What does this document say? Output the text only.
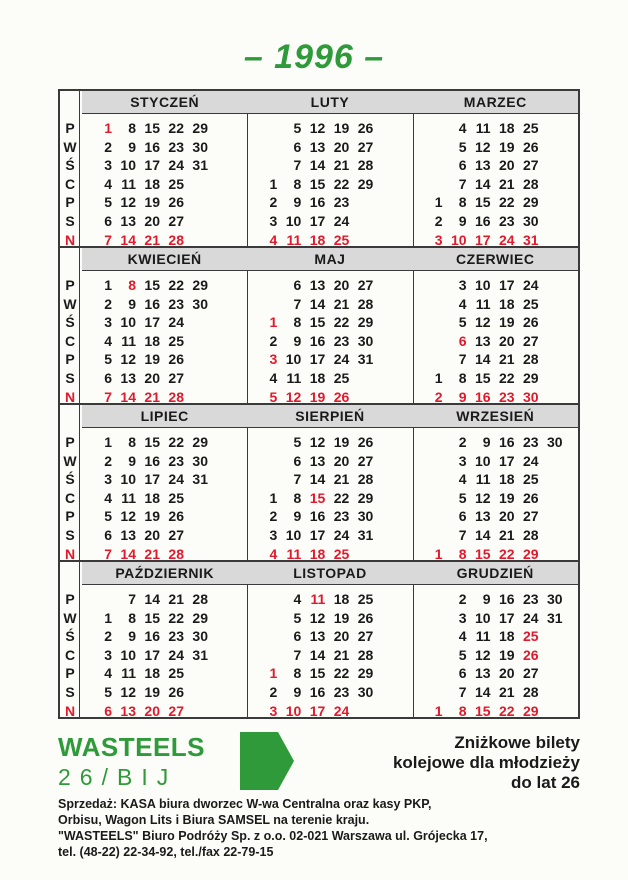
– 1996 –
P
W
Ś
C
P
S
N
STYCZEŃ
1
2
3
4
5
6
7
8
9
10
11
12
13
14
15
16
17
18
19
20
21
22
23
24
25
26
27
28
29
30
31
LUTY
1
2
3
4
5
6
7
8
9
10
11
12
13
14
15
16
17
18
19
20
21
22
23
24
25
26
27
28
29
MARZEC
1
2
3
4
5
6
7
8
9
10
11
12
13
14
15
16
17
18
19
20
21
22
23
24
25
26
27
28
29
30
31
P
W
Ś
C
P
S
N
KWIECIEŃ
1
2
3
4
5
6
7
8
9
10
11
12
13
14
15
16
17
18
19
20
21
22
23
24
25
26
27
28
29
30
MAJ
1
2
3
4
5
6
7
8
9
10
11
12
13
14
15
16
17
18
19
20
21
22
23
24
25
26
27
28
29
30
31
CZERWIEC
1
2
3
4
5
6
7
8
9
10
11
12
13
14
15
16
17
18
19
20
21
22
23
24
25
26
27
28
29
30
P
W
Ś
C
P
S
N
LIPIEC
1
2
3
4
5
6
7
8
9
10
11
12
13
14
15
16
17
18
19
20
21
22
23
24
25
26
27
28
29
30
31
SIERPIEŃ
1
2
3
4
5
6
7
8
9
10
11
12
13
14
15
16
17
18
19
20
21
22
23
24
25
26
27
28
29
30
31
WRZESIEŃ
1
2
3
4
5
6
7
8
9
10
11
12
13
14
15
16
17
18
19
20
21
22
23
24
25
26
27
28
29
30
P
W
Ś
C
P
S
N
PAŹDZIERNIK
1
2
3
4
5
6
7
8
9
10
11
12
13
14
15
16
17
18
19
20
21
22
23
24
25
26
27
28
29
30
31
LISTOPAD
1
2
3
4
5
6
7
8
9
10
11
12
13
14
15
16
17
18
19
20
21
22
23
24
25
26
27
28
29
30
GRUDZIEŃ
1
2
3
4
5
6
7
8
9
10
11
12
13
14
15
16
17
18
19
20
21
22
23
24
25
26
27
28
29
30
31
WASTEELS
26/BIJ
Zniżkowe bilety
kolejowe dla młodzieży
do lat 26
Sprzedaż: KASA biura dworzec W-wa Centralna oraz kasy PKP,
Orbisu, Wagon Lits i Biura SAMSEL na terenie kraju.
"WASTEELS" Biuro Podróży Sp. z o.o. 02-021 Warszawa ul. Grójecka 17,
tel. (48-22) 22-34-92, tel./fax 22-79-15
